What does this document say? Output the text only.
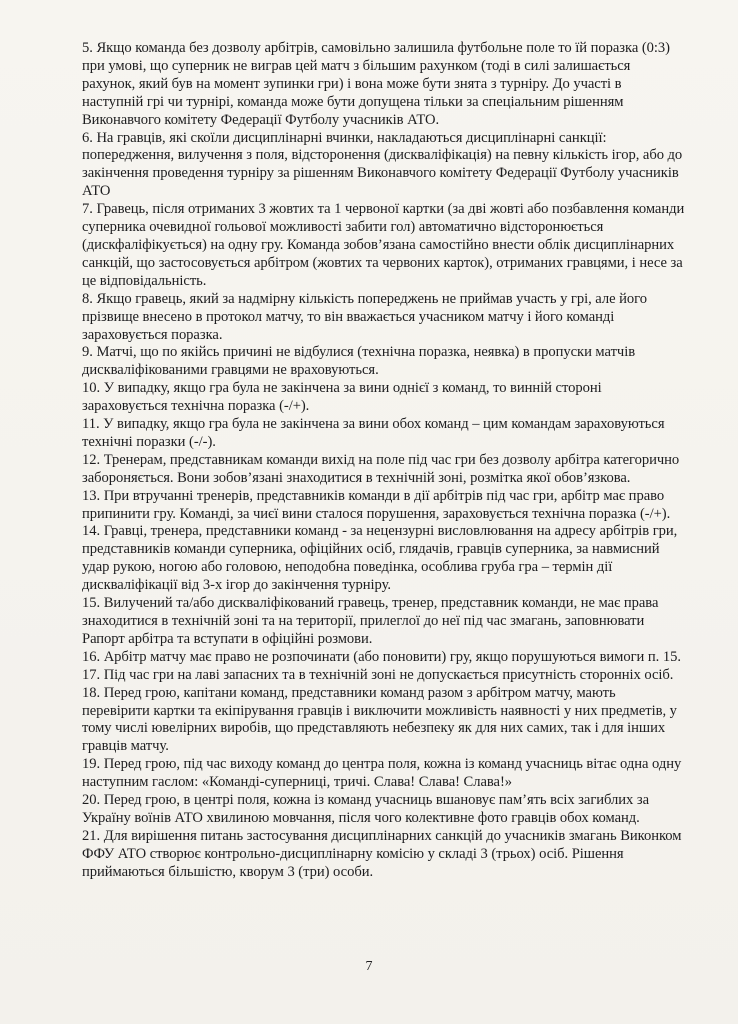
5. Якщо команда без дозволу арбітрів, самовільно залишила футбольне поле то їй поразка (0:3) при умові, що суперник не виграв цей матч з більшим рахунком (тоді в силі залишається рахунок, який був на момент зупинки гри) і вона може бути знята з турніру. До участі в наступній грі чи турнірі, команда може бути допущена тільки за спеціальним рішенням Виконавчого комітету Федерації Футболу учасників АТО.

6. На гравців, які скоїли дисциплінарні вчинки, накладаються дисциплінарні санкції: попередження, вилучення з поля, відсторонення (дискваліфікація) на певну кількість ігор, або до закінчення проведення турніру за рішенням Виконавчого комітету Федерації Футболу учасників АТО

7. Гравець, після отриманих 3 жовтих та 1 червоної картки (за дві жовті або позбавлення команди суперника очевидної гольової можливості забити гол) автоматично відсторонюється (дискфаліфікується) на одну гру. Команда зобов’язана самостійно внести облік дисциплінарних санкцій, що застосовується арбітром (жовтих та червоних карток), отриманих гравцями, і несе за це відповідальність.

8. Якщо гравець, який за надмірну кількість попереджень не приймав участь у грі, але його прізвище внесено в протокол матчу, то він вважається учасником матчу і його команді зараховується поразка.

9. Матчі, що по якійсь причині не відбулися (технічна поразка, неявка) в пропуски матчів дискваліфікованими гравцями не враховуються.

10. У випадку, якщо гра була не закінчена за вини однієї з команд, то винній стороні зараховується технічна поразка (-/+).

11. У випадку, якщо гра була не закінчена за вини обох команд – цим командам зараховуються технічні поразки (-/-).

12. Тренерам, представникам команди вихід на поле під час гри без дозволу арбітра категорично забороняється. Вони зобов’язані знаходитися в технічній зоні, розмітка якої обов’язкова.

13. При втручанні тренерів, представників команди в дії арбітрів під час гри, арбітр має право припинити гру. Команді, за чиєї вини сталося порушення, зараховується технічна поразка (-/+).

14. Гравці, тренера, представники команд - за нецензурні висловлювання на адресу арбітрів гри, представників команди суперника, офіційних осіб, глядачів, гравців суперника, за навмисний удар рукою, ногою або головою, неподобна поведінка, особлива груба гра – термін дії дискваліфікації від 3-х ігор до закінчення турніру.

15. Вилучений та/або дискваліфікований гравець, тренер, представник команди, не має права знаходитися в технічній зоні та на території, прилеглої до неї під час змагань, заповнювати Рапорт арбітра та вступати в офіційні розмови.

16. Арбітр матчу має право не розпочинати (або поновити) гру, якщо порушуються вимоги п. 15.

17. Під час гри на лаві запасних та в технічній зоні не допускається присутність сторонніх осіб.

18. Перед грою, капітани команд, представники команд разом з арбітром матчу, мають перевірити картки та екіпірування гравців і виключити можливість наявності у них предметів, у тому числі ювелірних виробів, що представляють небезпеку як для них самих, так і для інших гравців матчу.

19. Перед грою, під час виходу команд до центра поля, кожна із команд учасниць вітає одна одну наступним гаслом: «Команді-суперниці, тричі. Слава! Слава! Слава!»

20. Перед грою, в центрі поля, кожна із команд учасниць вшановує пам’ять всіх загиблих за Україну воїнів АТО хвилиною мовчання, після чого колективне фото гравців обох команд.

21. Для вирішення питань застосування дисциплінарних санкцій до учасників змагань Виконком ФФУ АТО створює контрольно-дисциплінарну комісію у складі 3 (трьох) осіб. Рішення приймаються більшістю, кворум 3 (три) особи.

7
